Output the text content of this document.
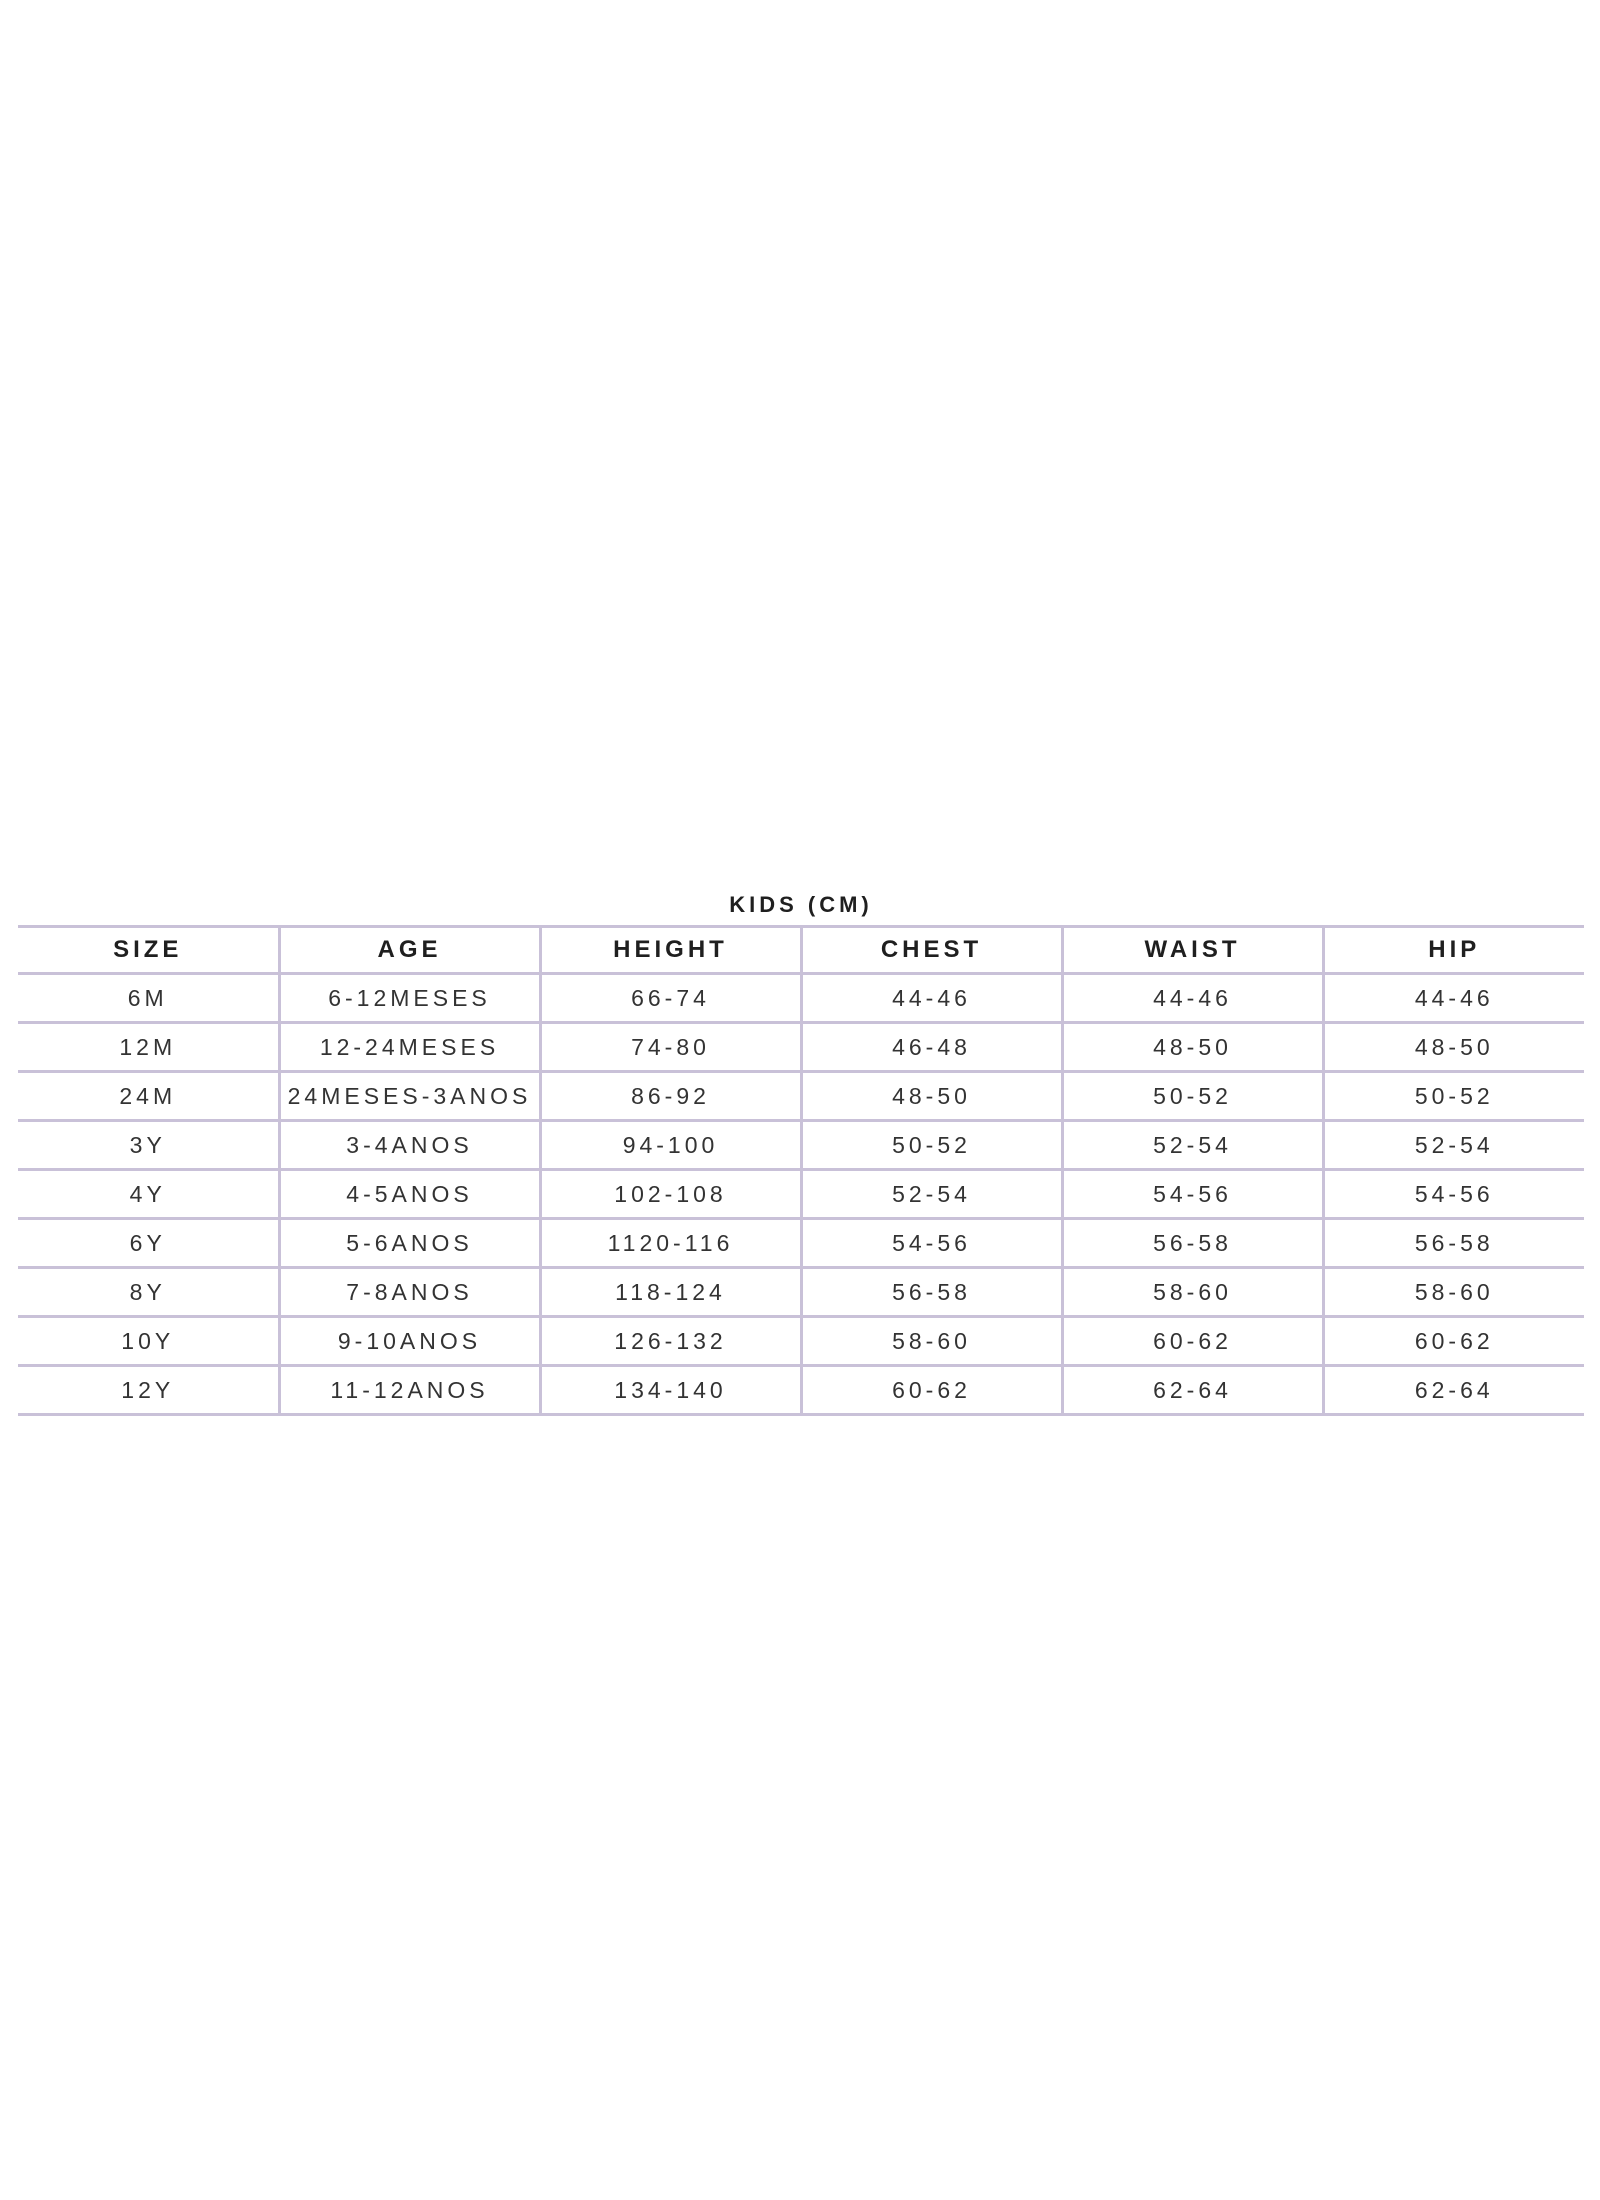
KIDS (CM)
SIZE	AGE	HEIGHT	CHEST	WAIST	HIP
6M	6-12MESES	66-74	44-46	44-46	44-46
12M	12-24MESES	74-80	46-48	48-50	48-50
24M	24MESES-3ANOS	86-92	48-50	50-52	50-52
3Y	3-4ANOS	94-100	50-52	52-54	52-54
4Y	4-5ANOS	102-108	52-54	54-56	54-56
6Y	5-6ANOS	1120-116	54-56	56-58	56-58
8Y	7-8ANOS	118-124	56-58	58-60	58-60
10Y	9-10ANOS	126-132	58-60	60-62	60-62
12Y	11-12ANOS	134-140	60-62	62-64	62-64
